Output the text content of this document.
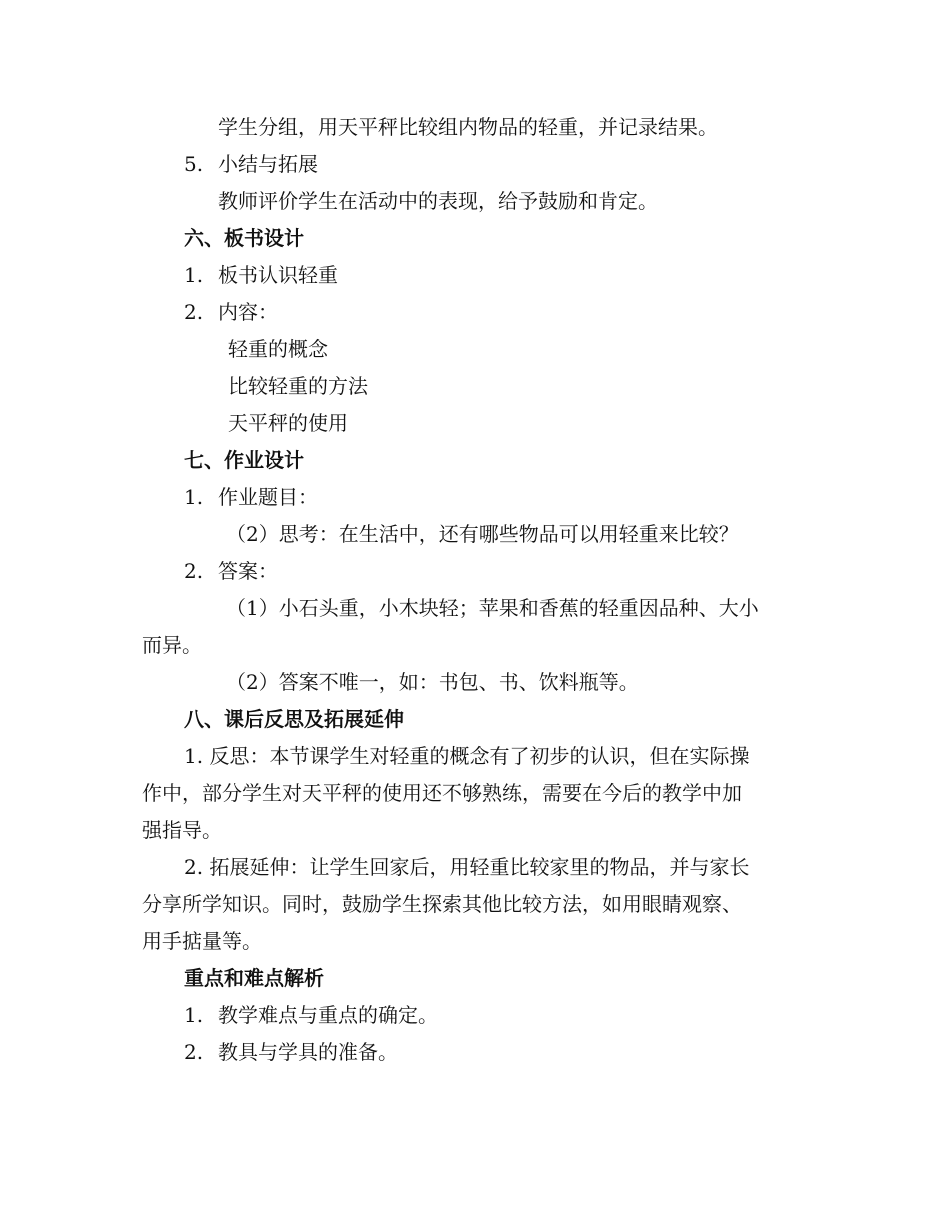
学生分组，用天平秤比较组内物品的轻重，并记录结果。
5. 小结与拓展
教师评价学生在活动中的表现，给予鼓励和肯定。
六、板书设计
1. 板书认识轻重
2. 内容：
轻重的概念
比较轻重的方法
天平秤的使用
七、作业设计
1. 作业题目：
（2）思考：在生活中，还有哪些物品可以用轻重来比较？
2. 答案：
（1）小石头重，小木块轻；苹果和香蕉的轻重因品种、大小
而异。
（2）答案不唯一，如：书包、书、饮料瓶等。
八、课后反思及拓展延伸
1. 反思：本节课学生对轻重的概念有了初步的认识，但在实际操
作中，部分学生对天平秤的使用还不够熟练，需要在今后的教学中加
强指导。
2. 拓展延伸：让学生回家后，用轻重比较家里的物品，并与家长
分享所学知识。同时，鼓励学生探索其他比较方法，如用眼睛观察、
用手掂量等。
重点和难点解析
1. 教学难点与重点的确定。
2. 教具与学具的准备。
